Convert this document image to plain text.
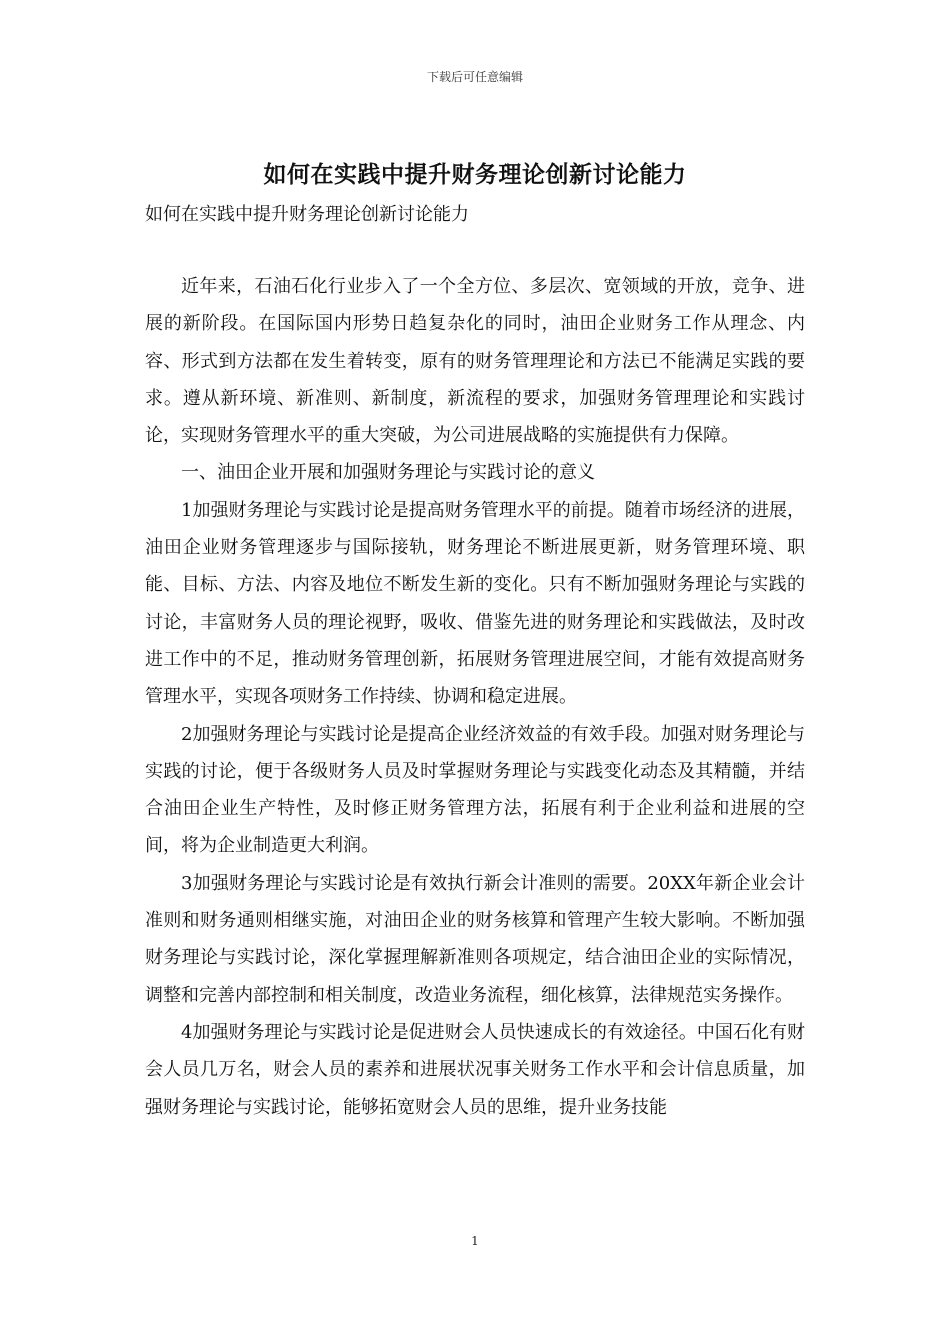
下载后可任意编辑
如何在实践中提升财务理论创新讨论能力

如何在实践中提升财务理论创新讨论能力

近年来，石油石化行业步入了一个全方位、多层次、宽领域的开放，竞争、进展的新阶段。在国际国内形势日趋复杂化的同时，油田企业财务工作从理念、内容、形式到方法都在发生着转变，原有的财务管理理论和方法已不能满足实践的要求。遵从新环境、新准则、新制度，新流程的要求，加强财务管理理论和实践讨论，实现财务管理水平的重大突破，为公司进展战略的实施提供有力保障。

一、油田企业开展和加强财务理论与实践讨论的意义

1加强财务理论与实践讨论是提高财务管理水平的前提。随着市场经济的进展，油田企业财务管理逐步与国际接轨，财务理论不断进展更新，财务管理环境、职能、目标、方法、内容及地位不断发生新的变化。只有不断加强财务理论与实践的讨论，丰富财务人员的理论视野，吸收、借鉴先进的财务理论和实践做法，及时改进工作中的不足，推动财务管理创新，拓展财务管理进展空间，才能有效提高财务管理水平，实现各项财务工作持续、协调和稳定进展。

2加强财务理论与实践讨论是提高企业经济效益的有效手段。加强对财务理论与实践的讨论，便于各级财务人员及时掌握财务理论与实践变化动态及其精髓，并结合油田企业生产特性，及时修正财务管理方法，拓展有利于企业利益和进展的空间，将为企业制造更大利润。

3加强财务理论与实践讨论是有效执行新会计准则的需要。20XX年新企业会计准则和财务通则相继实施，对油田企业的财务核算和管理产生较大影响。不断加强财务理论与实践讨论，深化掌握理解新准则各项规定，结合油田企业的实际情况，调整和完善内部控制和相关制度，改造业务流程，细化核算，法律规范实务操作。

4加强财务理论与实践讨论是促进财会人员快速成长的有效途径。中国石化有财会人员几万名，财会人员的素养和进展状况事关财务工作水平和会计信息质量，加强财务理论与实践讨论，能够拓宽财会人员的思维，提升业务技能

1
